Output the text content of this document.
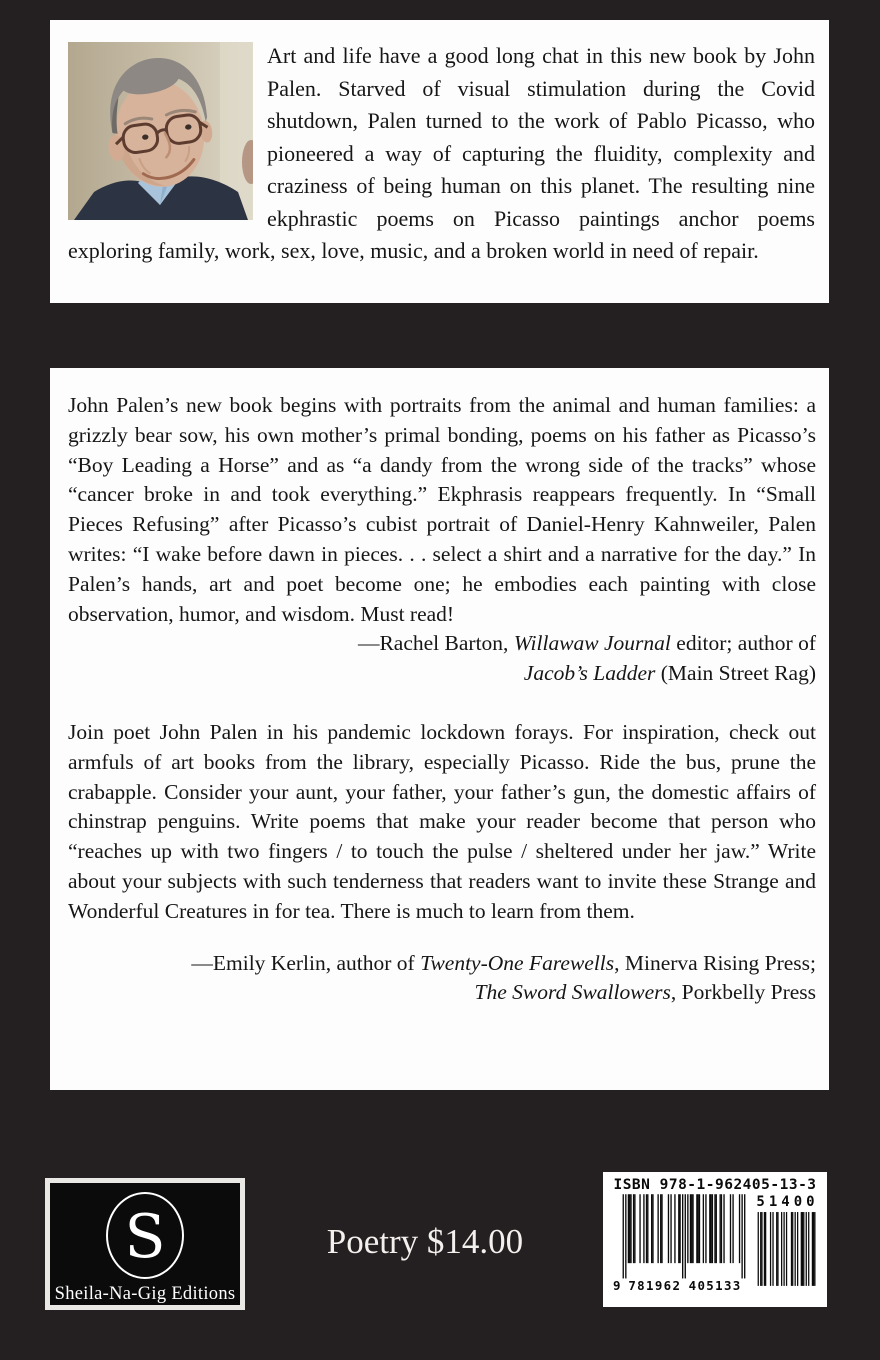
Art and life have a good long chat in this new book by John Palen. Starved of visual stimulation during the Covid shutdown, Palen turned to the work of Pablo Picasso, who pioneered a way of capturing the fluidity, complexity and craziness of being human on this planet. The resulting nine ekphrastic poems on Picasso paintings anchor poems exploring family, work, sex, love, music, and a broken world in need of repair.
John Palen’s new book begins with portraits from the animal and human families: a grizzly bear sow, his own mother’s primal bonding, poems on his father as Picasso’s “Boy Leading a Horse” and as “a dandy from the wrong side of the tracks” whose “cancer broke in and took everything.” Ekphrasis reappears frequently. In “Small Pieces Refusing” after Picasso’s cubist portrait of Daniel-Henry Kahnweiler, Palen writes: “I wake before dawn in pieces. . . select a shirt and a narrative for the day.” In Palen’s hands, art and poet become one; he embodies each painting with close observation, humor, and wisdom. Must read!
—Rachel Barton, Willawaw Journal editor; author of
Jacob’s Ladder (Main Street Rag)
Join poet John Palen in his pandemic lockdown forays. For inspiration, check out armfuls of art books from the library, especially Picasso. Ride the bus, prune the crabapple. Consider your aunt, your father, your father’s gun, the domestic affairs of chinstrap penguins. Write poems that make your reader become that person who “reaches up with two fingers / to touch the pulse / sheltered under her jaw.” Write about your subjects with such tenderness that readers want to invite these Strange and Wonderful Creatures in for tea. There is much to learn from them.
—Emily Kerlin, author of Twenty-One Farewells, Minerva Rising Press;
The Sword Swallowers, Porkbelly Press
S
Sheila-Na-Gig Editions
Poetry $14.00
ISBN 978-1-962405-13-3
9 781962 405133
51400
